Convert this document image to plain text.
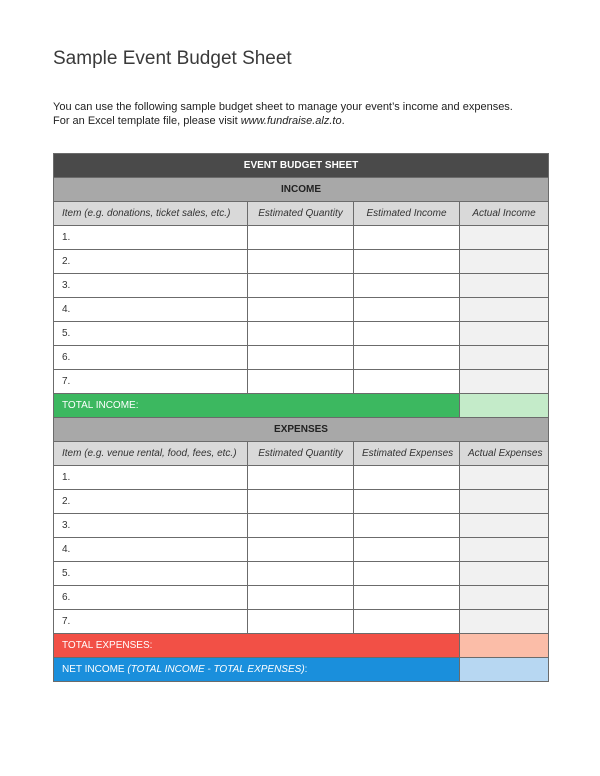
Sample Event Budget Sheet
You can use the following sample budget sheet to manage your event’s income and expenses.
For an Excel template file, please visit www.fundraise.alz.to.
EVENT BUDGET SHEET			
INCOME			
Item (e.g. donations, ticket sales, etc.)	Estimated Quantity	Estimated Income	Actual Income
1.			
2.			
3.			
4.			
5.			
6.			
7.			
TOTAL INCOME:			
EXPENSES			
Item (e.g. venue rental, food, fees, etc.)	Estimated Quantity	Estimated Expenses	Actual Expenses
1.			
2.			
3.			
4.			
5.			
6.			
7.			
TOTAL EXPENSES:			
NET INCOME (TOTAL INCOME - TOTAL EXPENSES):			
